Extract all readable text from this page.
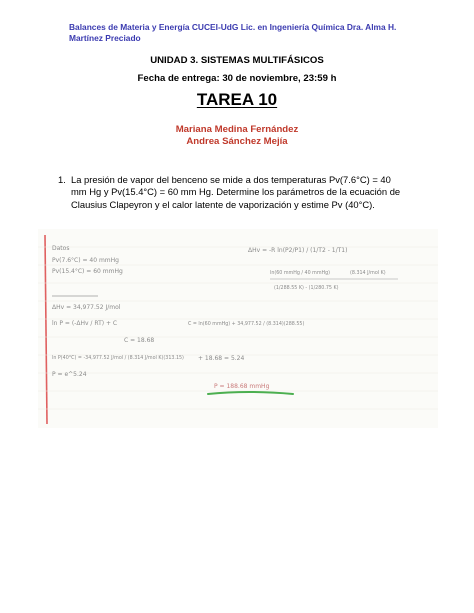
Balances de Materia y Energía CUCEI-UdG Lic. en Ingeniería Química Dra. Alma H. Martínez Preciado
UNIDAD 3. SISTEMAS MULTIFÁSICOS
Fecha de entrega: 30 de noviembre, 23:59 h
TAREA 10
Mariana Medina Fernández
Andrea Sánchez Mejía
1. La presión de vapor del benceno se mide a dos temperaturas Pv(7.6°C) = 40 mm Hg y Pv(15.4°C) = 60 mm Hg. Determine los parámetros de la ecuación de Clausius Clapeyron y el calor latente de vaporización y estime Pv (40°C).
Datos
Pv(7.6°C) = 40 mmHg
Pv(15.4°C) = 60 mmHg
ΔHv = 34,977.52 J/mol
ln P = (-ΔHv / RT) + C	C = ln(60 mmHg) + 34,977.52 / (8.314)(288.55)
C = 18.68
ln P(40°C) = -34,977.52 J/mol / (8.314 J/mol K)(313.15) + 18.68 = 5.24
P = e^5.24
ΔHv = -R ln(P2/P1) / (1/T2 - 1/T1)
ln(60 mmHg / 40 mmHg)	(8.314 J/mol K)
(1/288.55 K) - (1/280.75 K)
P = 188.68 mmHg
